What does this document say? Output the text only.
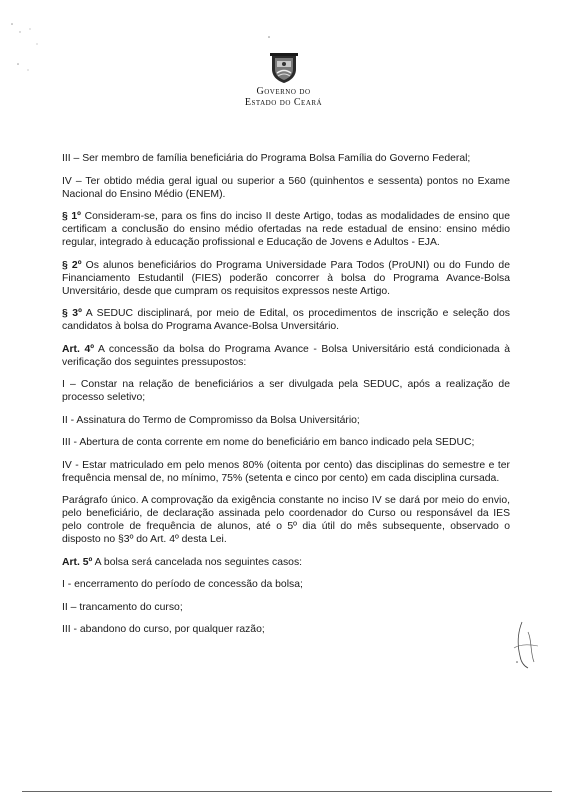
Governo do
Estado do Ceará

III – Ser membro de família beneficiária do Programa Bolsa Família do Governo Federal;

IV – Ter obtido média geral igual ou superior a 560 (quinhentos e sessenta) pontos no Exame Nacional do Ensino Médio (ENEM).

§ 1º Consideram-se, para os fins do inciso II deste Artigo, todas as modalidades de ensino que certificam a conclusão do ensino médio ofertadas na rede estadual de ensino: ensino médio regular, integrado à educação profissional e Educação de Jovens e Adultos - EJA.

§ 2º Os alunos beneficiários do Programa Universidade Para Todos (ProUNI) ou do Fundo de Financiamento Estudantil (FIES) poderão concorrer à bolsa do Programa Avance-Bolsa Unversitário, desde que cumpram os requisitos expressos neste Artigo.

§ 3º A SEDUC disciplinará, por meio de Edital, os procedimentos de inscrição e seleção dos candidatos à bolsa do Programa Avance-Bolsa Unversitário.

Art. 4º A concessão da bolsa do Programa Avance - Bolsa Universitário está condicionada à verificação dos seguintes pressupostos:

I – Constar na relação de beneficiários a ser divulgada pela SEDUC, após a realização de processo seletivo;

II - Assinatura do Termo de Compromisso da Bolsa Universitário;

III - Abertura de conta corrente em nome do beneficiário em banco indicado pela SEDUC;

IV - Estar matriculado em pelo menos 80% (oitenta por cento) das disciplinas do semestre e ter frequência mensal de, no mínimo, 75% (setenta e cinco por cento) em cada disciplina cursada.

Parágrafo único. A comprovação da exigência constante no inciso IV se dará por meio do envio, pelo beneficiário, de declaração assinada pelo coordenador do Curso ou responsável da IES pelo controle de frequência de alunos, até o 5º dia útil do mês subsequente, observado o disposto no §3º do Art. 4º desta Lei.

Art. 5º A bolsa será cancelada nos seguintes casos:

I - encerramento do período de concessão da bolsa;

II – trancamento do curso;

III - abandono do curso, por qualquer razão;
